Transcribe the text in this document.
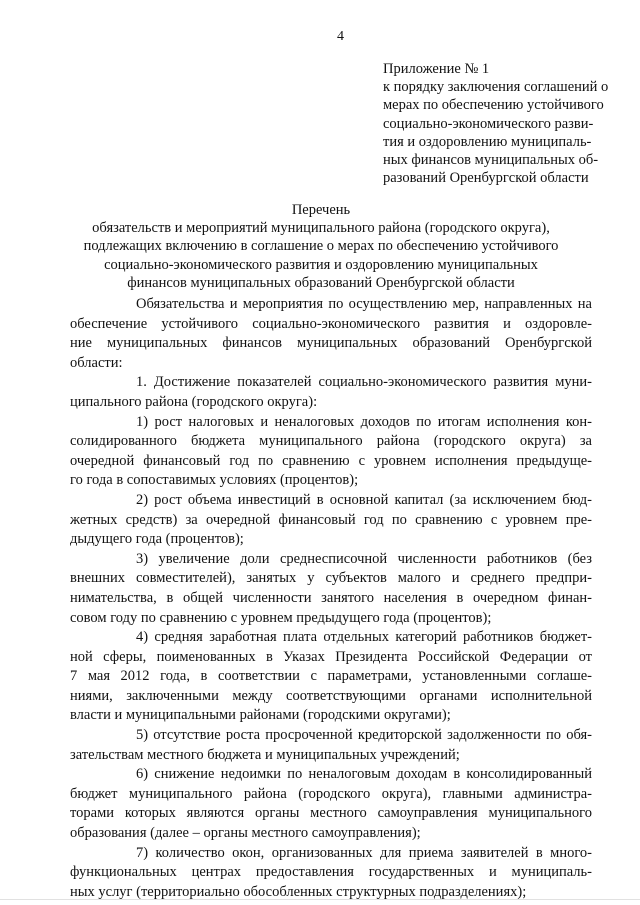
4
Приложение № 1
к порядку заключения соглашений о
мерах по обеспечению устойчивого
социально-экономического разви-
тия и оздоровлению муниципаль-
ных финансов муниципальных об-
разований Оренбургской области
Перечень
обязательств и мероприятий муниципального района (городского округа),
подлежащих включению в соглашение о мерах по обеспечению устойчивого
социально-экономического развития и оздоровлению муниципальных
финансов муниципальных образований Оренбургской области
Обязательства и мероприятия по осуществлению мер, направленных на
обеспечение устойчивого социально-экономического развития и оздоровле-
ние муниципальных финансов муниципальных образований Оренбургской
области:
1. Достижение показателей социально-экономического развития муни-
ципального района (городского округа):
1) рост налоговых и неналоговых доходов по итогам исполнения кон-
солидированного бюджета муниципального района (городского округа) за
очередной финансовый год по сравнению с уровнем исполнения предыдуще-
го года в сопоставимых условиях (процентов);
2) рост объема инвестиций в основной капитал (за исключением бюд-
жетных средств) за очередной финансовый год по сравнению с уровнем пре-
дыдущего года (процентов);
3) увеличение доли среднесписочной численности работников (без
внешних совместителей), занятых у субъектов малого и среднего предпри-
нимательства, в общей численности занятого населения в очередном финан-
совом году по сравнению с уровнем предыдущего года (процентов);
4) средняя заработная плата отдельных категорий работников бюджет-
ной сферы, поименованных в Указах Президента Российской Федерации от
7 мая 2012 года, в соответствии с параметрами, установленными соглаше-
ниями, заключенными между соответствующими органами исполнительной
власти и муниципальными районами (городскими округами);
5) отсутствие роста просроченной кредиторской задолженности по обя-
зательствам местного бюджета и муниципальных учреждений;
6) снижение недоимки по неналоговым доходам в консолидированный
бюджет муниципального района (городского округа), главными администра-
торами которых являются органы местного самоуправления муниципального
образования (далее – органы местного самоуправления);
7) количество окон, организованных для приема заявителей в много-
функциональных центрах предоставления государственных и муниципаль-
ных услуг (территориально обособленных структурных подразделениях);
